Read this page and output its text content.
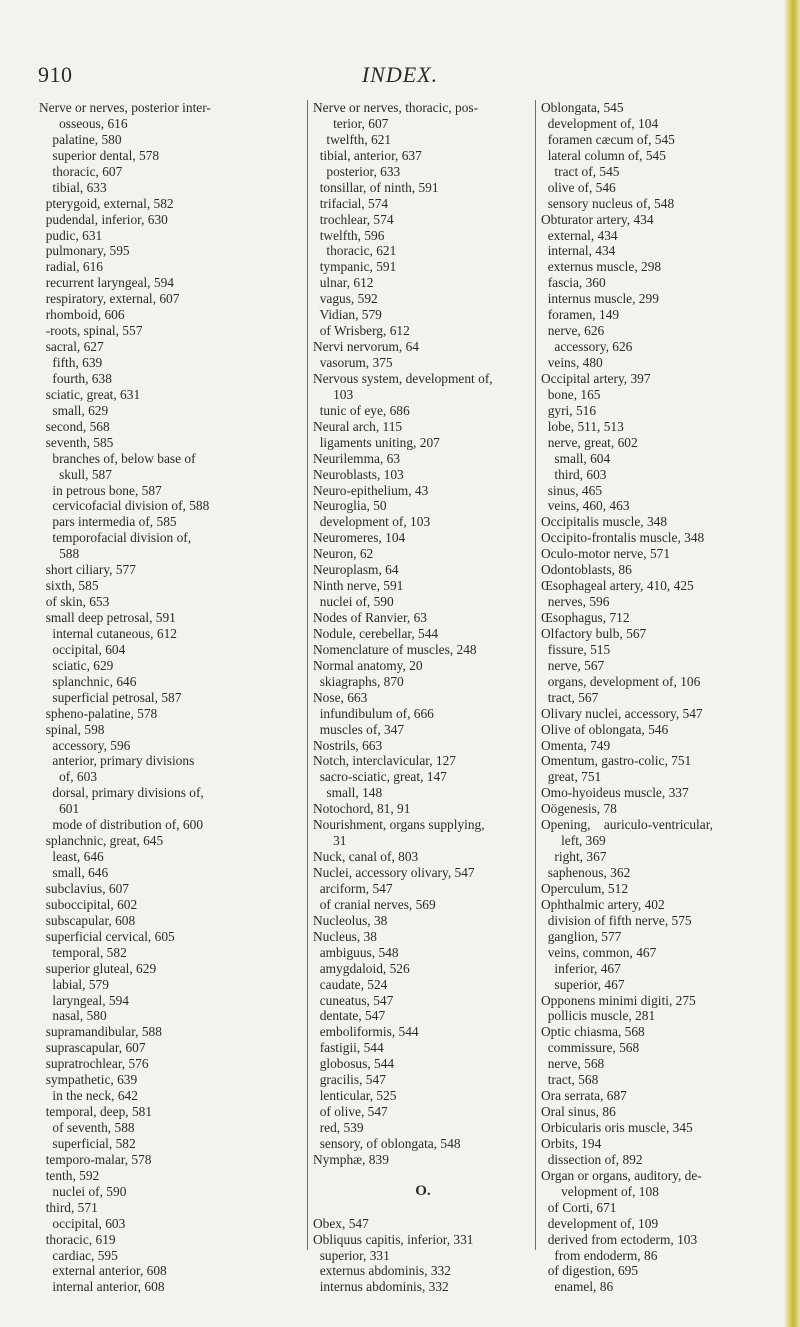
910	INDEX.
Nerve or nerves, posterior inter-
osseous, 616
palatine, 580
superior dental, 578
thoracic, 607
tibial, 633
pterygoid, external, 582
pudendal, inferior, 630
pudic, 631
pulmonary, 595
radial, 616
recurrent laryngeal, 594
respiratory, external, 607
rhomboid, 606
-roots, spinal, 557
sacral, 627
fifth, 639
fourth, 638
sciatic, great, 631
small, 629
second, 568
seventh, 585
branches of, below base of
skull, 587
in petrous bone, 587
cervicofacial division of, 588
pars intermedia of, 585
temporofacial division of,
588
short ciliary, 577
sixth, 585
of skin, 653
small deep petrosal, 591
internal cutaneous, 612
occipital, 604
sciatic, 629
splanchnic, 646
superficial petrosal, 587
spheno-palatine, 578
spinal, 598
accessory, 596
anterior, primary divisions
of, 603
dorsal, primary divisions of,
601
mode of distribution of, 600
splanchnic, great, 645
least, 646
small, 646
subclavius, 607
suboccipital, 602
subscapular, 608
superficial cervical, 605
temporal, 582
superior gluteal, 629
labial, 579
laryngeal, 594
nasal, 580
supramandibular, 588
suprascapular, 607
supratrochlear, 576
sympathetic, 639
in the neck, 642
temporal, deep, 581
of seventh, 588
superficial, 582
temporo-malar, 578
tenth, 592
nuclei of, 590
third, 571
occipital, 603
thoracic, 619
cardiac, 595
external anterior, 608
internal anterior, 608
Nerve or nerves, thoracic, pos-
terior, 607
twelfth, 621
tibial, anterior, 637
posterior, 633
tonsillar, of ninth, 591
trifacial, 574
trochlear, 574
twelfth, 596
thoracic, 621
tympanic, 591
ulnar, 612
vagus, 592
Vidian, 579
of Wrisberg, 612
Nervi nervorum, 64
vasorum, 375
Nervous system, development of,
103
tunic of eye, 686
Neural arch, 115
ligaments uniting, 207
Neurilemma, 63
Neuroblasts, 103
Neuro-epithelium, 43
Neuroglia, 50
development of, 103
Neuromeres, 104
Neuron, 62
Neuroplasm, 64
Ninth nerve, 591
nuclei of, 590
Nodes of Ranvier, 63
Nodule, cerebellar, 544
Nomenclature of muscles, 248
Normal anatomy, 20
skiagraphs, 870
Nose, 663
infundibulum of, 666
muscles of, 347
Nostrils, 663
Notch, interclavicular, 127
sacro-sciatic, great, 147
small, 148
Notochord, 81, 91
Nourishment, organs supplying,
31
Nuck, canal of, 803
Nuclei, accessory olivary, 547
arciform, 547
of cranial nerves, 569
Nucleolus, 38
Nucleus, 38
ambiguus, 548
amygdaloid, 526
caudate, 524
cuneatus, 547
dentate, 547
emboliformis, 544
fastigii, 544
globosus, 544
gracilis, 547
lenticular, 525
of olive, 547
red, 539
sensory, of oblongata, 548
Nymphæ, 839
O.
Obex, 547
Obliquus capitis, inferior, 331
superior, 331
externus abdominis, 332
internus abdominis, 332
Oblongata, 545
development of, 104
foramen cæcum of, 545
lateral column of, 545
tract of, 545
olive of, 546
sensory nucleus of, 548
Obturator artery, 434
external, 434
internal, 434
externus muscle, 298
fascia, 360
internus muscle, 299
foramen, 149
nerve, 626
accessory, 626
veins, 480
Occipital artery, 397
bone, 165
gyri, 516
lobe, 511, 513
nerve, great, 602
small, 604
third, 603
sinus, 465
veins, 460, 463
Occipitalis muscle, 348
Occipito-frontalis muscle, 348
Oculo-motor nerve, 571
Odontoblasts, 86
Œsophageal artery, 410, 425
nerves, 596
Œsophagus, 712
Olfactory bulb, 567
fissure, 515
nerve, 567
organs, development of, 106
tract, 567
Olivary nuclei, accessory, 547
Olive of oblongata, 546
Omenta, 749
Omentum, gastro-colic, 751
great, 751
Omo-hyoideus muscle, 337
Oögenesis, 78
Opening,    auriculo-ventricular,
left, 369
right, 367
saphenous, 362
Operculum, 512
Ophthalmic artery, 402
division of fifth nerve, 575
ganglion, 577
veins, common, 467
inferior, 467
superior, 467
Opponens minimi digiti, 275
pollicis muscle, 281
Optic chiasma, 568
commissure, 568
nerve, 568
tract, 568
Ora serrata, 687
Oral sinus, 86
Orbicularis oris muscle, 345
Orbits, 194
dissection of, 892
Organ or organs, auditory, de-
velopment of, 108
of Corti, 671
development of, 109
derived from ectoderm, 103
from endoderm, 86
of digestion, 695
enamel, 86
